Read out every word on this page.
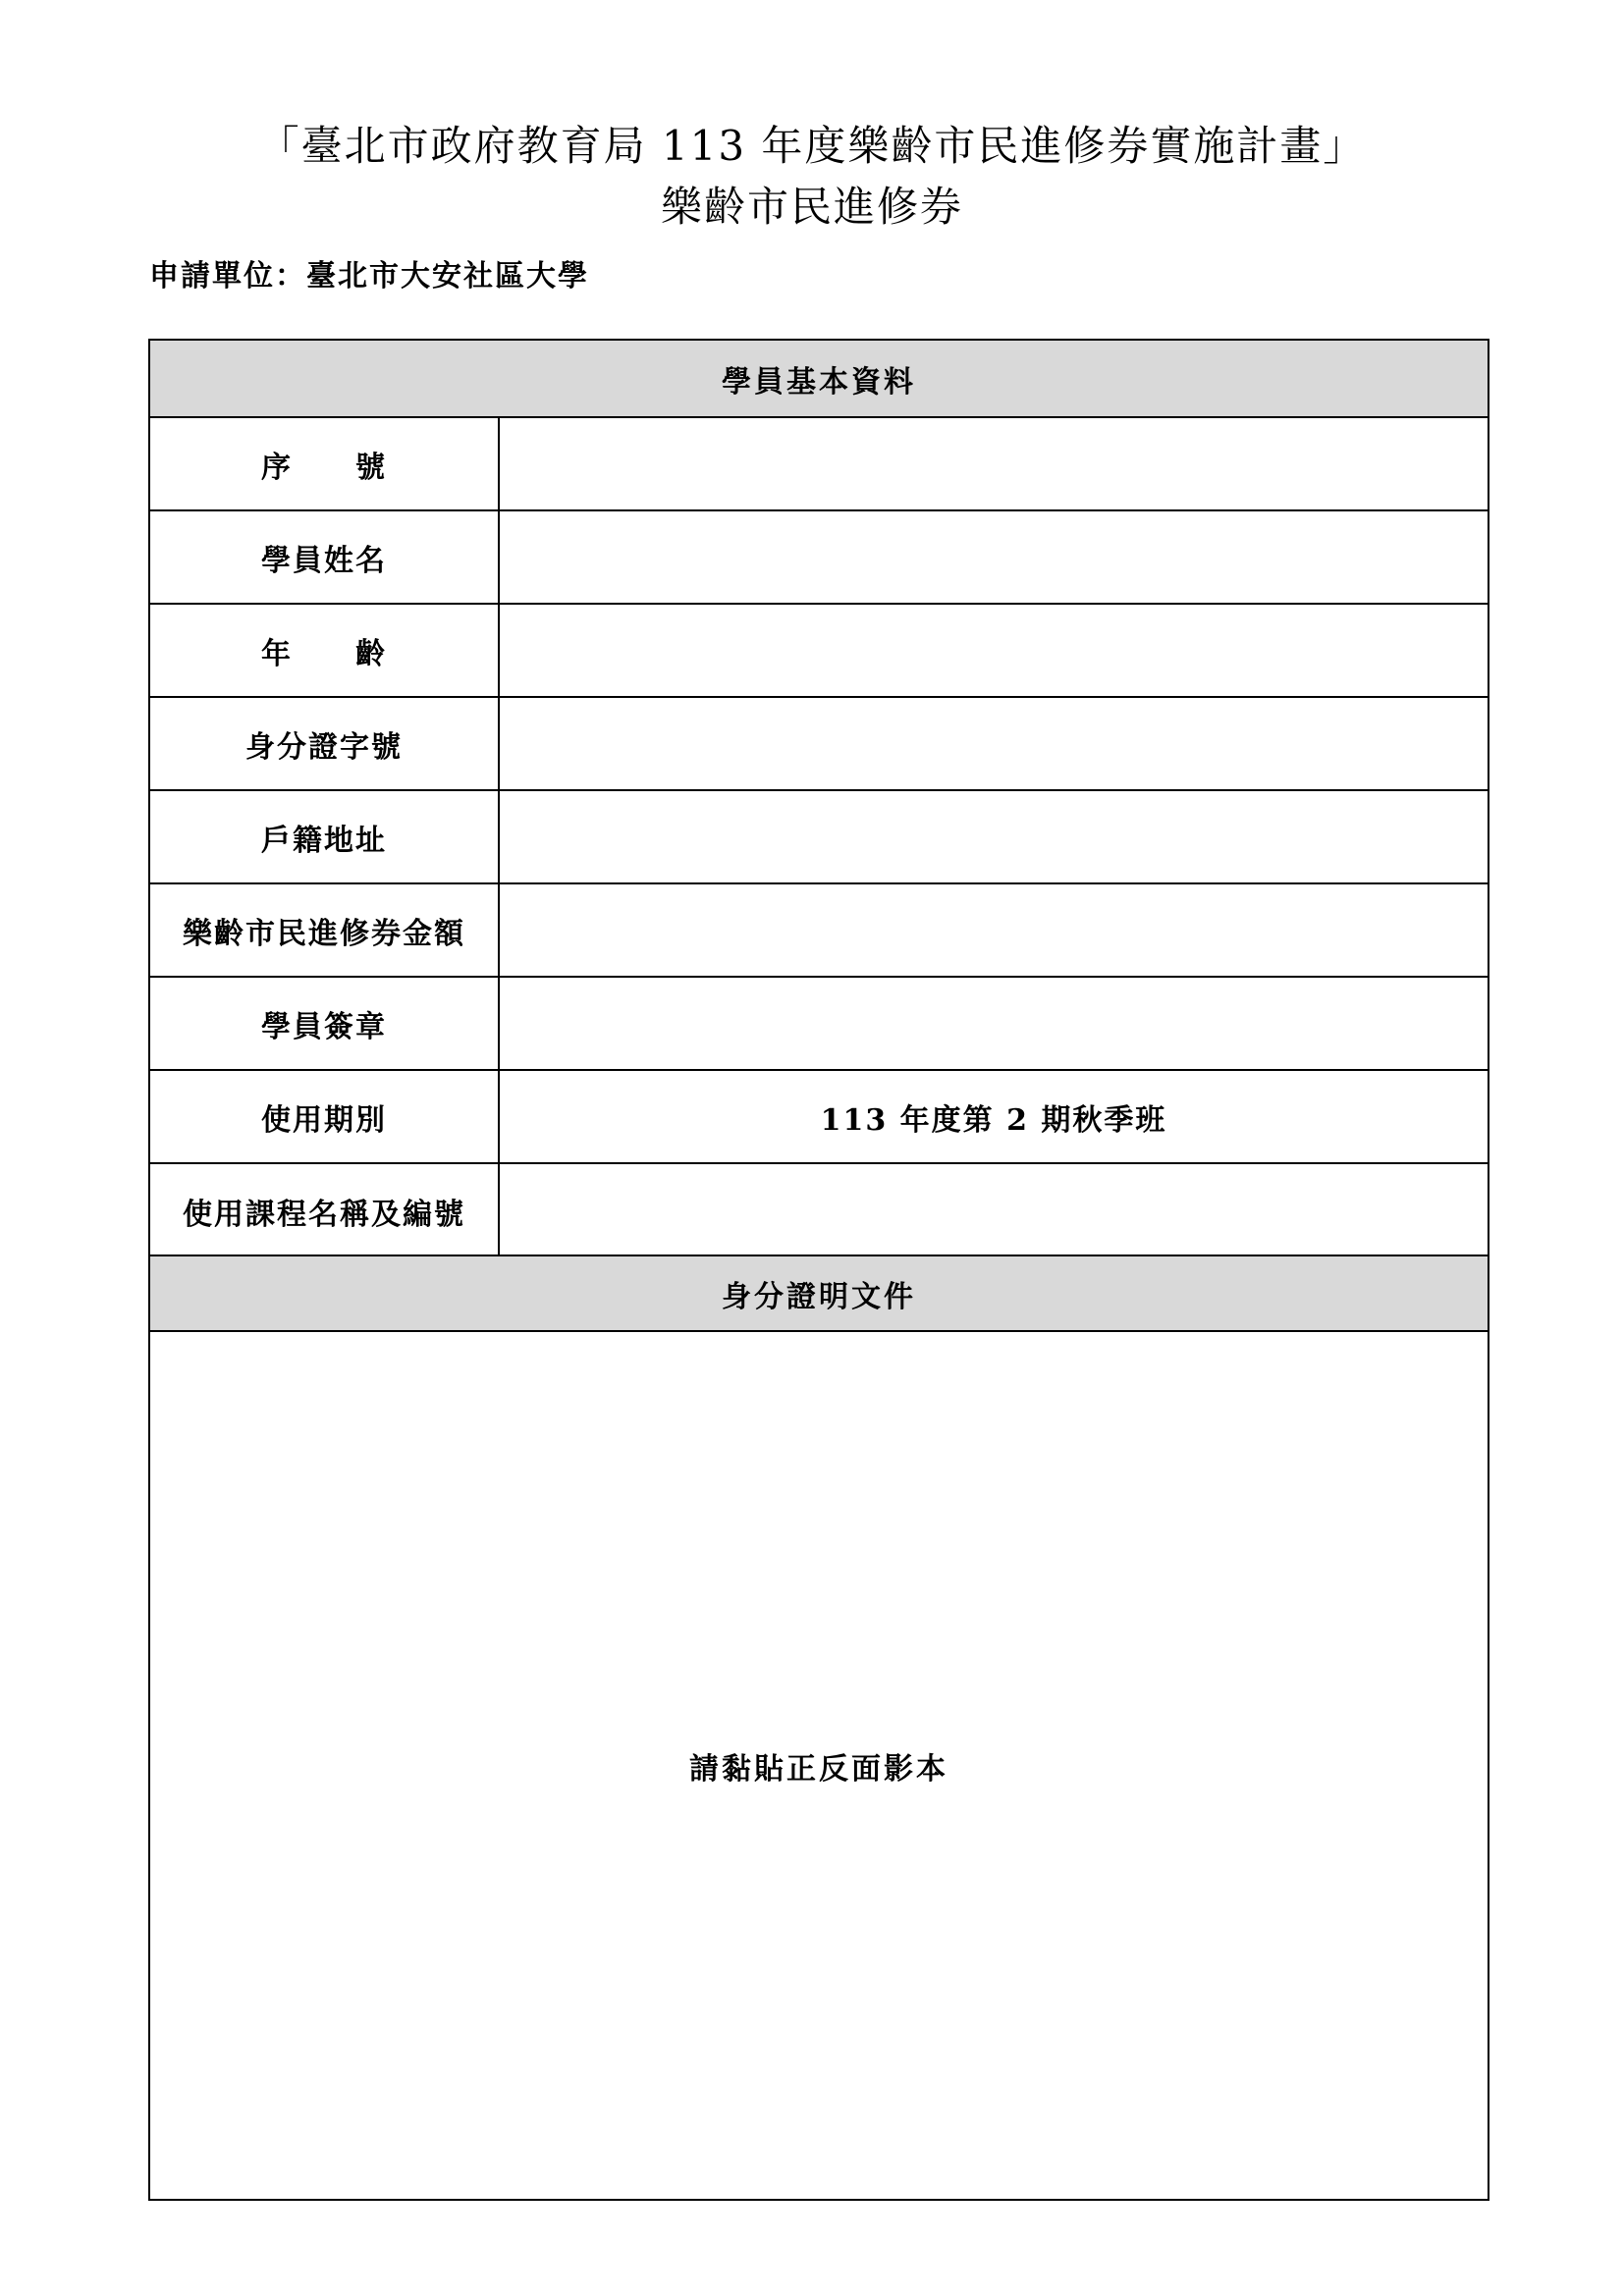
「臺北市政府教育局 113 年度樂齡市民進修券實施計畫」
樂齡市民進修券
申請單位：臺北市大安社區大學
學員基本資料
序　　號
學員姓名
年　　齡
身分證字號
戶籍地址
樂齡市民進修券金額
學員簽章
使用期別	113 年度第 2 期秋季班
使用課程名稱及編號
身分證明文件
請黏貼正反面影本
